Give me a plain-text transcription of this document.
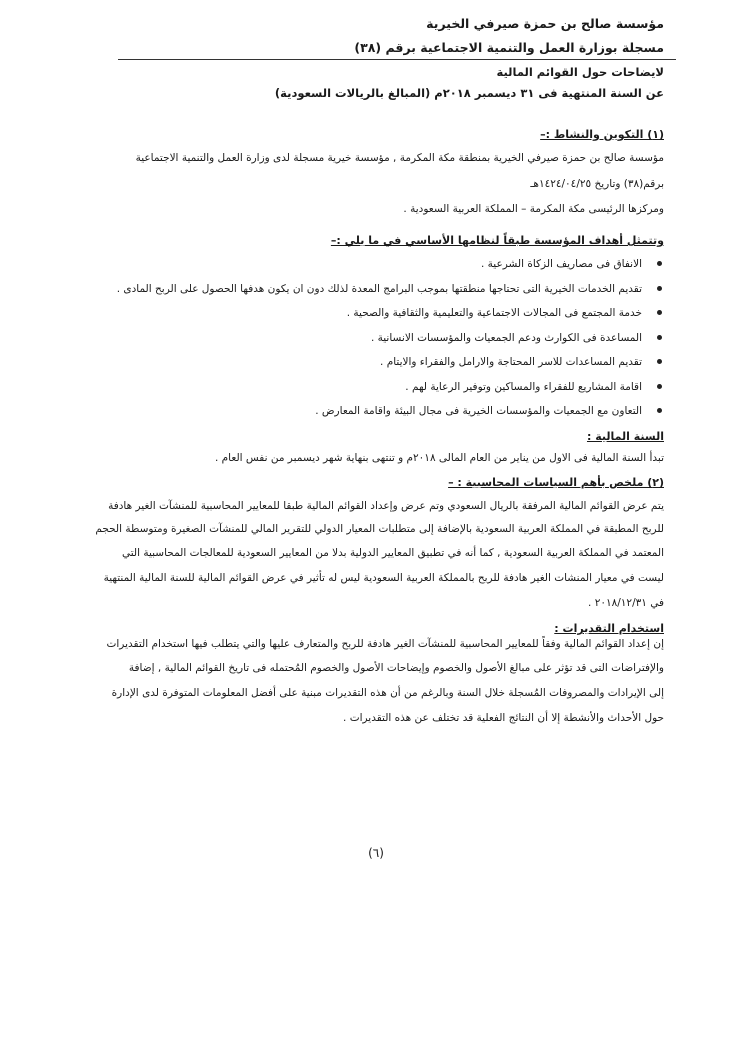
مؤسسة صالح بن حمزة صيرفي الخيرية
مسجلة بوزارة العمل والتنمية الاجتماعية برقم (٣٨)
لايضاحات حول القوائم المالية
عن السنة المنتهية فى ٣١ ديسمبر ٢٠١٨م (المبالغ بالريالات السعودية)
(١) التكوين والنشاط :–
مؤسسة صالح بن حمزة صيرفي الخيرية بمنطقة مكة المكرمة , مؤسسة خيرية مسجلة لدى وزارة العمل والتنمية الاجتماعية
برقم(٣٨) وتاريخ ١٤٢٤/٠٤/٢٥هـ
ومركزها الرئيسى مكة المكرمة – المملكة العربية السعودية .
وتتمثل أهداف المؤسسة طبقاً لنظامها الأساسي في ما يلي :–
الانفاق فى مصاريف الزكاة الشرعية .
تقديم الخدمات الخيرية التى تحتاجها منطقتها بموجب البرامج المعدة لذلك دون ان يكون هدفها الحصول على الربح المادى .
خدمة المجتمع فى المجالات الاجتماعية والتعليمية والثقافية والصحية .
المساعدة فى الكوارث ودعم الجمعيات والمؤسسات الانسانية .
تقديم المساعدات للاسر المحتاجة والارامل والفقراء والايتام .
اقامة المشاريع للفقراء والمساكين وتوفير الرعاية لهم .
التعاون مع الجمعيات والمؤسسات الخيرية فى مجال البيئة واقامة المعارض .
السنة المالية :
تبدأ السنة المالية فى الاول من يناير من العام المالى ٢٠١٨م و تنتهى بنهاية شهر ديسمبر من نفس العام .
(٢) ملخص بأهم السياسات المحاسبية : –
يتم عرض القوائم المالية المرفقة بالريال السعودي وتم عرض وإعداد القوائم المالية طبقا للمعايير المحاسبية للمنشآت الغير هادفة
للربح المطبقة في المملكة العربية السعودية بالإضافة إلى متطلبات المعيار الدولي للتقرير المالي للمنشآت الصغيرة ومتوسطة الحجم
المعتمد في المملكة العربية السعودية , كما أنه في تطبيق المعايير الدولية بدلا من المعايير السعودية للمعالجات المحاسبية التي
ليست في معيار المنشات الغير هادفة للربح بالمملكة العربية السعودية ليس له تأثير في عرض القوائم المالية للسنة المالية المنتهية
في ٢٠١٨/١٢/٣١ .
استخدام التقديرات :
إن إعداد القوائم المالية وفقاً للمعايير المحاسبية للمنشآت الغير هادفة للربح والمتعارف عليها والتي يتطلب فيها استخدام التقديرات
والإفتراضات التى قد تؤثر على مبالغ الأصول والخصوم وإيضاحات الأصول والخصوم المُحتمله فى تاريخ القوائم المالية , إضافة
إلى الإيرادات والمصروفات المُسجلة خلال السنة وبالرغم من أن هذه التقديرات مبنية على أفضل المعلومات المتوفرة لدى الإدارة
حول الأحداث والأنشطة إلا أن النتائج الفعلية قد تختلف عن هذه التقديرات .
(٦)
